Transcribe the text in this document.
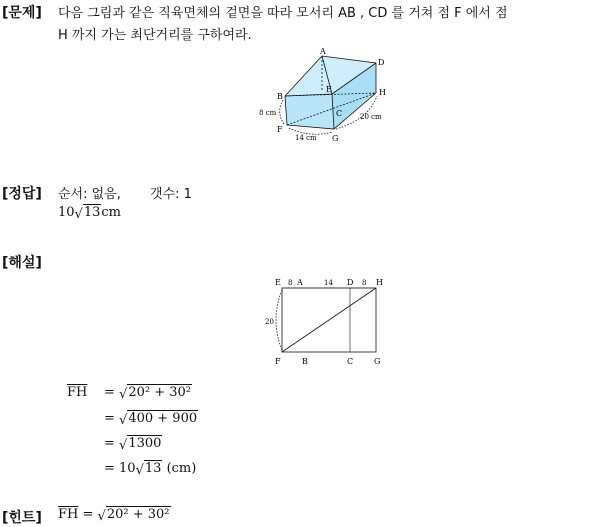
[문제] 다음 그림과 같은 직육면체의 겉면을 따라 모서리 AB , CD 를 거쳐 점 F 에서 점
H 까지 가는 최단거리를 구하여라.
A
D
E
B
C
H
F
G
8 cm
14 cm
20 cm
[정답] 순서: 없음, 갯수: 1
10√13cm
[해설]
E A	D	H
F	B	C	G
8	14	8
20
$\overline{FH} = √20^2 + 30^2$
= √400 + 900
= √1300
= 10√13 (cm)
[힌트] $\overline{FH} = √20^2 + 30^2$
